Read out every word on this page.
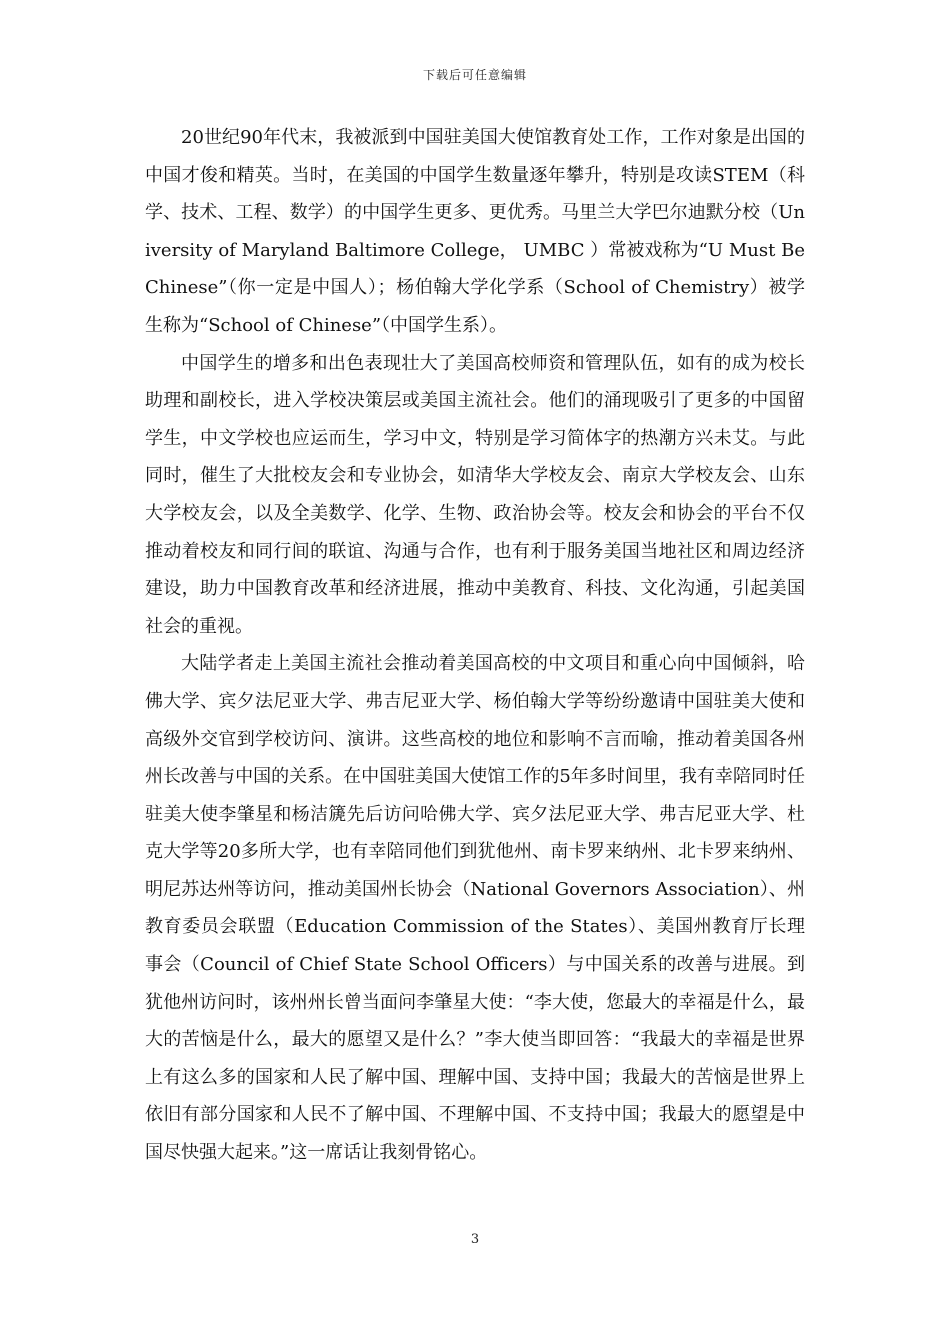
下载后可任意编辑

20世纪90年代末，我被派到中国驻美国大使馆教育处工作，工作对象是出国的中国才俊和精英。当时，在美国的中国学生数量逐年攀升，特别是攻读STEM（科学、技术、工程、数学）的中国学生更多、更优秀。马里兰大学巴尔迪默分校（University of Maryland Baltimore College， UMBC ）常被戏称为“U Must Be Chinese”（你一定是中国人）；杨伯翰大学化学系（School of Chemistry）被学生称为“School of Chinese”（中国学生系）。

中国学生的增多和出色表现壮大了美国高校师资和管理队伍，如有的成为校长助理和副校长，进入学校决策层或美国主流社会。他们的涌现吸引了更多的中国留学生，中文学校也应运而生，学习中文，特别是学习简体字的热潮方兴未艾。与此同时，催生了大批校友会和专业协会，如清华大学校友会、南京大学校友会、山东大学校友会，以及全美数学、化学、生物、政治协会等。校友会和协会的平台不仅推动着校友和同行间的联谊、沟通与合作，也有利于服务美国当地社区和周边经济建设，助力中国教育改革和经济进展，推动中美教育、科技、文化沟通，引起美国社会的重视。

大陆学者走上美国主流社会推动着美国高校的中文项目和重心向中国倾斜，哈佛大学、宾夕法尼亚大学、弗吉尼亚大学、杨伯翰大学等纷纷邀请中国驻美大使和高级外交官到学校访问、演讲。这些高校的地位和影响不言而喻，推动着美国各州州长改善与中国的关系。在中国驻美国大使馆工作的5年多时间里，我有幸陪同时任驻美大使李肇星和杨洁篪先后访问哈佛大学、宾夕法尼亚大学、弗吉尼亚大学、杜克大学等20多所大学，也有幸陪同他们到犹他州、南卡罗来纳州、北卡罗来纳州、明尼苏达州等访问，推动美国州长协会（National Governors Association）、州教育委员会联盟（Education Commission of the States）、美国州教育厅长理事会（Council of Chief State School Officers）与中国关系的改善与进展。到犹他州访问时，该州州长曾当面问李肇星大使：“李大使，您最大的幸福是什么，最大的苦恼是什么，最大的愿望又是什么？”李大使当即回答：“我最大的幸福是世界上有这么多的国家和人民了解中国、理解中国、支持中国；我最大的苦恼是世界上依旧有部分国家和人民不了解中国、不理解中国、不支持中国；我最大的愿望是中国尽快强大起来。”这一席话让我刻骨铭心。

3
